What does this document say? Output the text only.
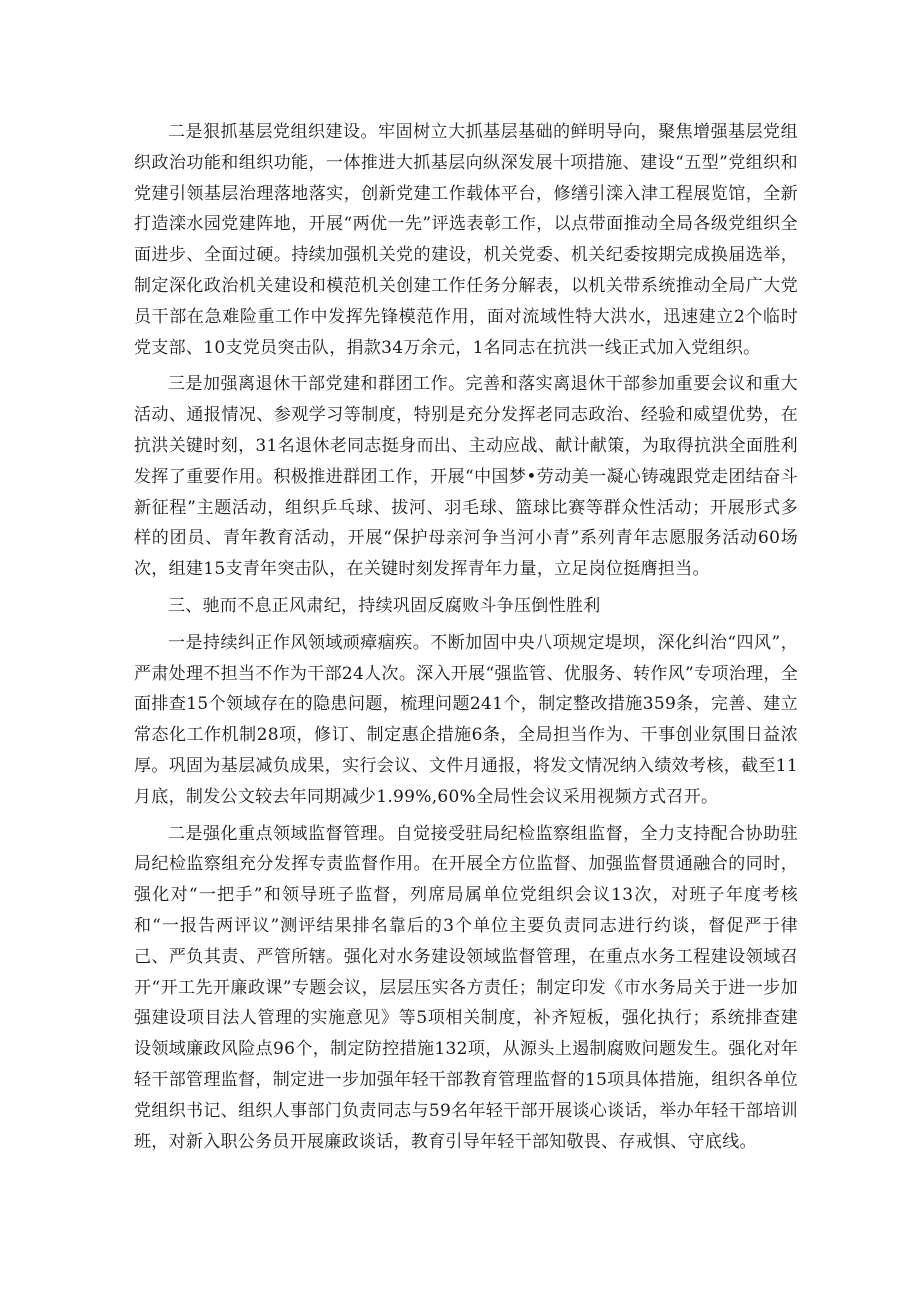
二是狠抓基层党组织建设。牢固树立大抓基层基础的鲜明导向，聚焦增强基层党组织政治功能和组织功能，一体推进大抓基层向纵深发展十项措施、建设“五型”党组织和党建引领基层治理落地落实，创新党建工作载体平台，修缮引滦入津工程展览馆，全新打造滦水园党建阵地，开展“两优一先”评选表彰工作，以点带面推动全局各级党组织全面进步、全面过硬。持续加强机关党的建设，机关党委、机关纪委按期完成换届选举，制定深化政治机关建设和模范机关创建工作任务分解表，以机关带系统推动全局广大党员干部在急难险重工作中发挥先锋模范作用，面对流域性特大洪水，迅速建立2个临时党支部、10支党员突击队，捐款34万余元，1名同志在抗洪一线正式加入党组织。

三是加强离退休干部党建和群团工作。完善和落实离退休干部参加重要会议和重大活动、通报情况、参观学习等制度，特别是充分发挥老同志政治、经验和威望优势，在抗洪关键时刻，31名退休老同志挺身而出、主动应战、献计献策，为取得抗洪全面胜利发挥了重要作用。积极推进群团工作，开展“中国梦•劳动美一凝心铸魂跟党走团结奋斗新征程”主题活动，组织乒乓球、拔河、羽毛球、篮球比赛等群众性活动；开展形式多样的团员、青年教育活动，开展“保护母亲河争当河小青”系列青年志愿服务活动60场次，组建15支青年突击队，在关键时刻发挥青年力量，立足岗位挺膺担当。

三、驰而不息正风肃纪，持续巩固反腐败斗争压倒性胜利

一是持续纠正作风领域顽瘴痼疾。不断加固中央八项规定堤坝，深化纠治“四风”，严肃处理不担当不作为干部24人次。深入开展“强监管、优服务、转作风”专项治理，全面排查15个领域存在的隐患问题，梳理问题241个，制定整改措施359条，完善、建立常态化工作机制28项，修订、制定惠企措施6条，全局担当作为、干事创业氛围日益浓厚。巩固为基层减负成果，实行会议、文件月通报，将发文情况纳入绩效考核，截至11月底，制发公文较去年同期减少1.99%,60%全局性会议采用视频方式召开。

二是强化重点领域监督管理。自觉接受驻局纪检监察组监督，全力支持配合协助驻局纪检监察组充分发挥专责监督作用。在开展全方位监督、加强监督贯通融合的同时，强化对“一把手”和领导班子监督，列席局属单位党组织会议13次，对班子年度考核和“一报告两评议”测评结果排名靠后的3个单位主要负责同志进行约谈，督促严于律己、严负其责、严管所辖。强化对水务建设领域监督管理，在重点水务工程建设领域召开“开工先开廉政课”专题会议，层层压实各方责任；制定印发《市水务局关于进一步加强建设项目法人管理的实施意见》等5项相关制度，补齐短板，强化执行；系统排查建设领域廉政风险点96个，制定防控措施132项，从源头上遏制腐败问题发生。强化对年轻干部管理监督，制定进一步加强年轻干部教育管理监督的15项具体措施，组织各单位党组织书记、组织人事部门负责同志与59名年轻干部开展谈心谈话，举办年轻干部培训班，对新入职公务员开展廉政谈话，教育引导年轻干部知敬畏、存戒惧、守底线。
